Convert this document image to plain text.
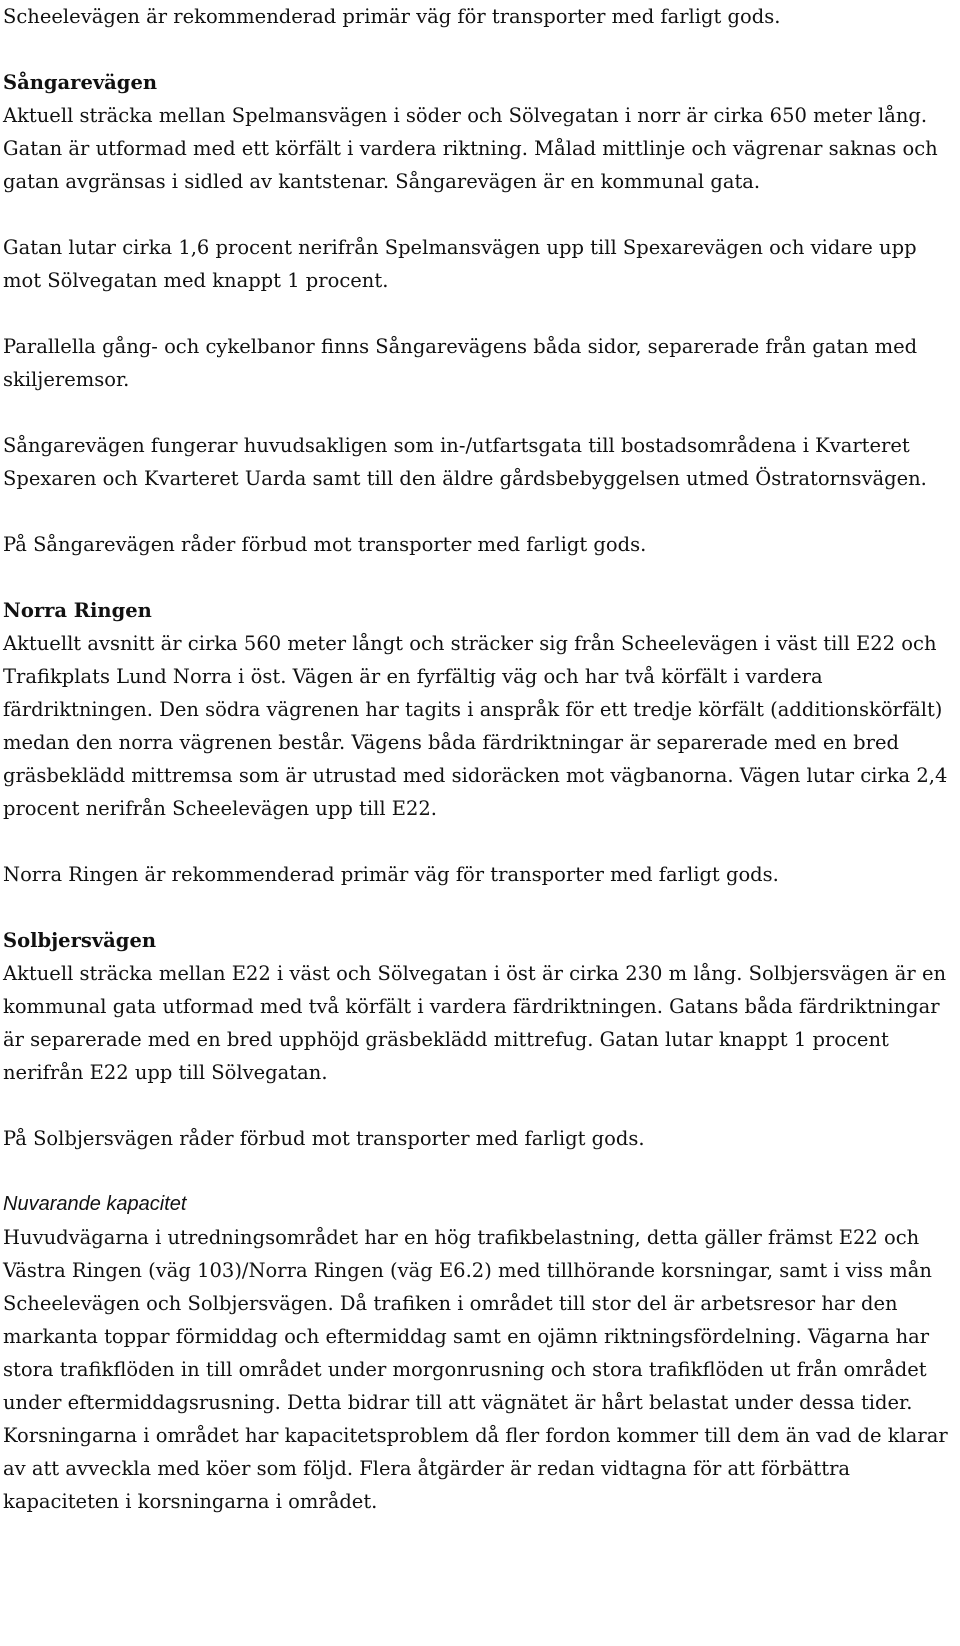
Scheelevägen är rekommenderad primär väg för transporter med farligt gods.

Sångarevägen
Aktuell sträcka mellan Spelmansvägen i söder och Sölvegatan i norr är cirka 650 meter lång. Gatan är utformad med ett körfält i vardera riktning. Målad mittlinje och vägrenar saknas och gatan avgränsas i sidled av kantstenar. Sångarevägen är en kommunal gata.

Gatan lutar cirka 1,6 procent nerifrån Spelmansvägen upp till Spexarevägen och vidare upp mot Sölvegatan med knappt 1 procent.

Parallella gång- och cykelbanor finns Sångarevägens båda sidor, separerade från gatan med skiljeremsor.

Sångarevägen fungerar huvudsakligen som in-/utfartsgata till bostadsområdena i Kvarteret Spexaren och Kvarteret Uarda samt till den äldre gårdsbebyggelsen utmed Östratornsvägen.

På Sångarevägen råder förbud mot transporter med farligt gods.

Norra Ringen
Aktuellt avsnitt är cirka 560 meter långt och sträcker sig från Scheelevägen i väst till E22 och Trafikplats Lund Norra i öst. Vägen är en fyrfältig väg och har två körfält i vardera färdriktningen. Den södra vägrenen har tagits i anspråk för ett tredje körfält (additionskörfält) medan den norra vägrenen består. Vägens båda färdriktningar är separerade med en bred gräsbeklädd mittremsa som är utrustad med sidoräcken mot vägbanorna. Vägen lutar cirka 2,4 procent nerifrån Scheelevägen upp till E22.

Norra Ringen är rekommenderad primär väg för transporter med farligt gods.

Solbjersvägen
Aktuell sträcka mellan E22 i väst och Sölvegatan i öst är cirka 230 m lång. Solbjersvägen är en kommunal gata utformad med två körfält i vardera färdriktningen. Gatans båda färdriktningar är separerade med en bred upphöjd gräsbeklädd mittrefug. Gatan lutar knappt 1 procent nerifrån E22 upp till Sölvegatan.

På Solbjersvägen råder förbud mot transporter med farligt gods.

Nuvarande kapacitet
Huvudvägarna i utredningsområdet har en hög trafikbelastning, detta gäller främst E22 och Västra Ringen (väg 103)/Norra Ringen (väg E6.2) med tillhörande korsningar, samt i viss mån Scheelevägen och Solbjersvägen. Då trafiken i området till stor del är arbetsresor har den markanta toppar förmiddag och eftermiddag samt en ojämn riktningsfördelning. Vägarna har stora trafikflöden in till området under morgonrusning och stora trafikflöden ut från området under eftermiddagsrusning. Detta bidrar till att vägnätet är hårt belastat under dessa tider. Korsningarna i området har kapacitetsproblem då fler fordon kommer till dem än vad de klarar av att avveckla med köer som följd. Flera åtgärder är redan vidtagna för att förbättra kapaciteten i korsningarna i området.
